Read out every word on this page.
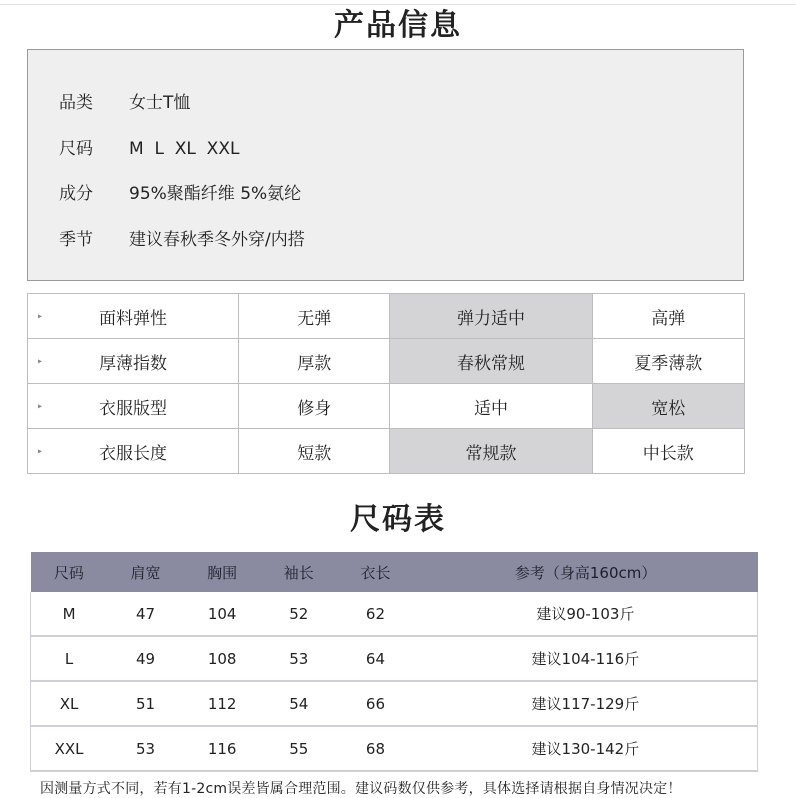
产品信息
品类 女士T恤
尺码 M  L  XL  XXL
成分 95%聚酯纤维 5%氨纶
季节 建议春秋季冬外穿/内搭
▸ 面料弹性	无弹	弹力适中	高弹

▸ 厚薄指数	厚款	春秋常规	夏季薄款

▸ 衣服版型	修身	适中	宽松

▸ 衣服长度	短款	常规款	中长款
尺码表
尺码	肩宽	胸围	袖长	衣长	参考（身高160cm）
M	47	104	52	62	建议90-103斤
L	49	108	53	64	建议104-116斤
XL	51	112	54	66	建议117-129斤
XXL	53	116	55	68	建议130-142斤
因测量方式不同，若有1-2cm误差皆属合理范围。建议码数仅供参考，具体选择请根据自身情况决定！
